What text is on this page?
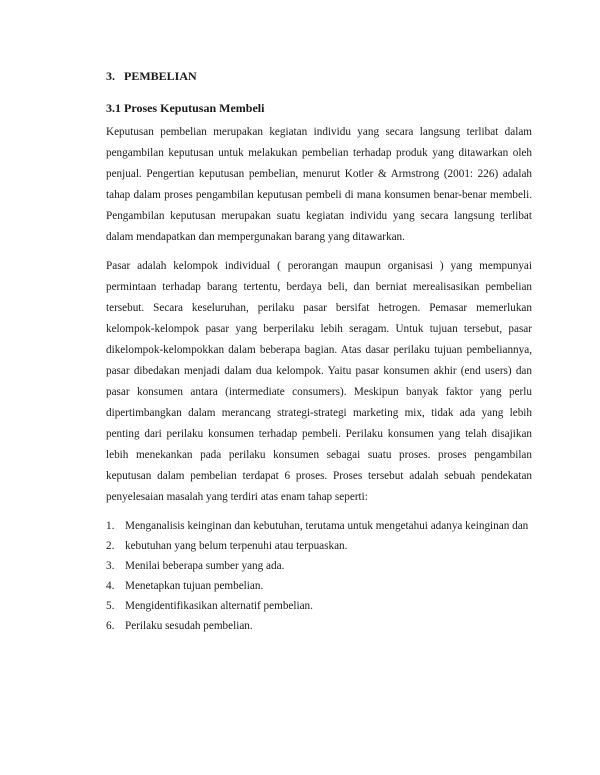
3. PEMBELIAN
3.1 Proses Keputusan Membeli

Keputusan pembelian merupakan kegiatan individu yang secara langsung terlibat dalam pengambilan keputusan untuk melakukan pembelian terhadap produk yang ditawarkan oleh penjual. Pengertian keputusan pembelian, menurut Kotler & Armstrong (2001: 226) adalah tahap dalam proses pengambilan keputusan pembeli di mana konsumen benar-benar membeli. Pengambilan keputusan merupakan suatu kegiatan individu yang secara langsung terlibat dalam mendapatkan dan mempergunakan barang yang ditawarkan.

Pasar adalah kelompok individual ( perorangan maupun organisasi ) yang mempunyai permintaan terhadap barang tertentu, berdaya beli, dan berniat merealisasikan pembelian tersebut. Secara keseluruhan, perilaku pasar bersifat hetrogen. Pemasar memerlukan kelompok-kelompok pasar yang berperilaku lebih seragam. Untuk tujuan tersebut, pasar dikelompok-kelompokkan dalam beberapa bagian. Atas dasar perilaku tujuan pembeliannya, pasar dibedakan menjadi dalam dua kelompok. Yaitu pasar konsumen akhir (end users) dan pasar konsumen antara (intermediate consumers). Meskipun banyak faktor yang perlu dipertimbangkan dalam merancang strategi-strategi marketing mix, tidak ada yang lebih penting dari perilaku konsumen terhadap pembeli. Perilaku konsumen yang telah disajikan lebih menekankan pada perilaku konsumen sebagai suatu proses. proses pengambilan keputusan dalam pembelian terdapat 6 proses. Proses tersebut adalah sebuah pendekatan penyelesaian masalah yang terdiri atas enam tahap seperti:

1. Menganalisis keinginan dan kebutuhan, terutama untuk mengetahui adanya keinginan dan
2. kebutuhan yang belum terpenuhi atau terpuaskan.
3. Menilai beberapa sumber yang ada.
4. Menetapkan tujuan pembelian.
5. Mengidentifikasikan alternatif pembelian.
6. Perilaku sesudah pembelian.
